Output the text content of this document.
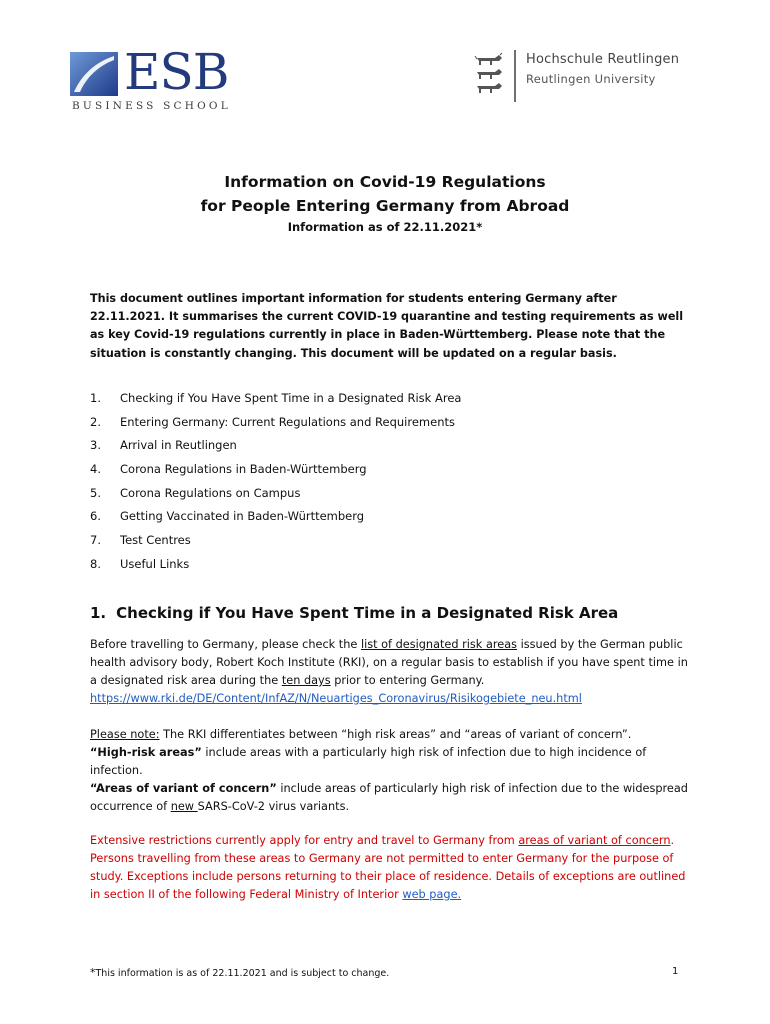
ESB
BUSINESS SCHOOL
Hochschule Reutlingen
Reutlingen University
Information on Covid-19 Regulations
for People Entering Germany from Abroad
Information as of 22.11.2021*
This document outlines important information for students entering Germany after 22.11.2021. It summarises the current COVID-19 quarantine and testing requirements as well as key Covid-19 regulations currently in place in Baden-Württemberg. Please note that the situation is constantly changing. This document will be updated on a regular basis.
1. Checking if You Have Spent Time in a Designated Risk Area
2. Entering Germany: Current Regulations and Requirements
3. Arrival in Reutlingen
4. Corona Regulations in Baden-Württemberg
5. Corona Regulations on Campus
6. Getting Vaccinated in Baden-Württemberg
7. Test Centres
8. Useful Links
1. Checking if You Have Spent Time in a Designated Risk Area
Before travelling to Germany, please check the list of designated risk areas issued by the German public health advisory body, Robert Koch Institute (RKI), on a regular basis to establish if you have spent time in a designated risk area during the ten days prior to entering Germany.
https://www.rki.de/DE/Content/InfAZ/N/Neuartiges_Coronavirus/Risikogebiete_neu.html
Please note: The RKI differentiates between “high risk areas” and “areas of variant of concern”.
“High-risk areas” include areas with a particularly high risk of infection due to high incidence of infection.
“Areas of variant of concern” include areas of particularly high risk of infection due to the widespread occurrence of new SARS-CoV-2 virus variants.
Extensive restrictions currently apply for entry and travel to Germany from areas of variant of concern. Persons travelling from these areas to Germany are not permitted to enter Germany for the purpose of study. Exceptions include persons returning to their place of residence. Details of exceptions are outlined in section II of the following Federal Ministry of Interior web page.
*This information is as of 22.11.2021 and is subject to change.	1
